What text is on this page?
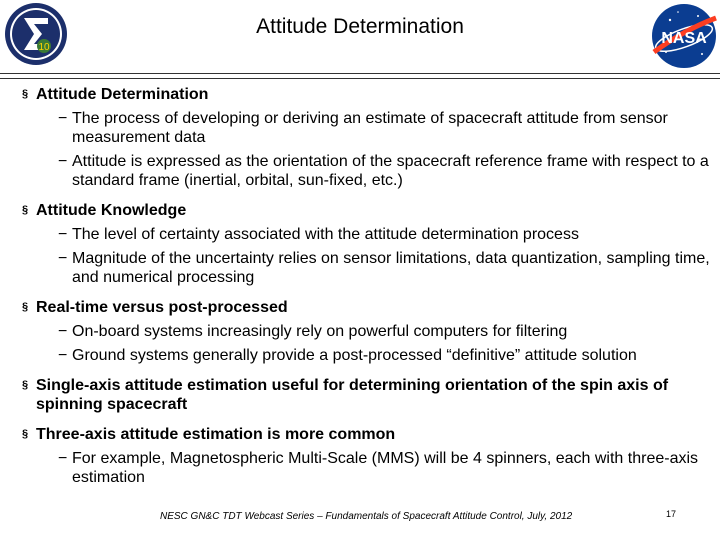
10
Attitude Determination
NASA
§ Attitude Determination
− The process of developing or deriving an estimate of spacecraft attitude from sensor measurement data
− Attitude is expressed as the orientation of the spacecraft reference frame with respect to a standard frame (inertial, orbital, sun-fixed, etc.)
§ Attitude Knowledge
− The level of certainty associated with the attitude determination process
− Magnitude of the uncertainty relies on sensor limitations, data quantization, sampling time, and numerical processing
§ Real-time versus post-processed
− On-board systems increasingly rely on powerful computers for filtering
− Ground systems generally provide a post-processed “definitive” attitude solution
§ Single-axis attitude estimation useful for determining orientation of the spin axis of spinning spacecraft
§ Three-axis attitude estimation is more common
− For example, Magnetospheric Multi-Scale (MMS) will be 4 spinners, each with three-axis estimation
NESC GN&C TDT Webcast Series – Fundamentals of Spacecraft Attitude Control, July, 2012	17
